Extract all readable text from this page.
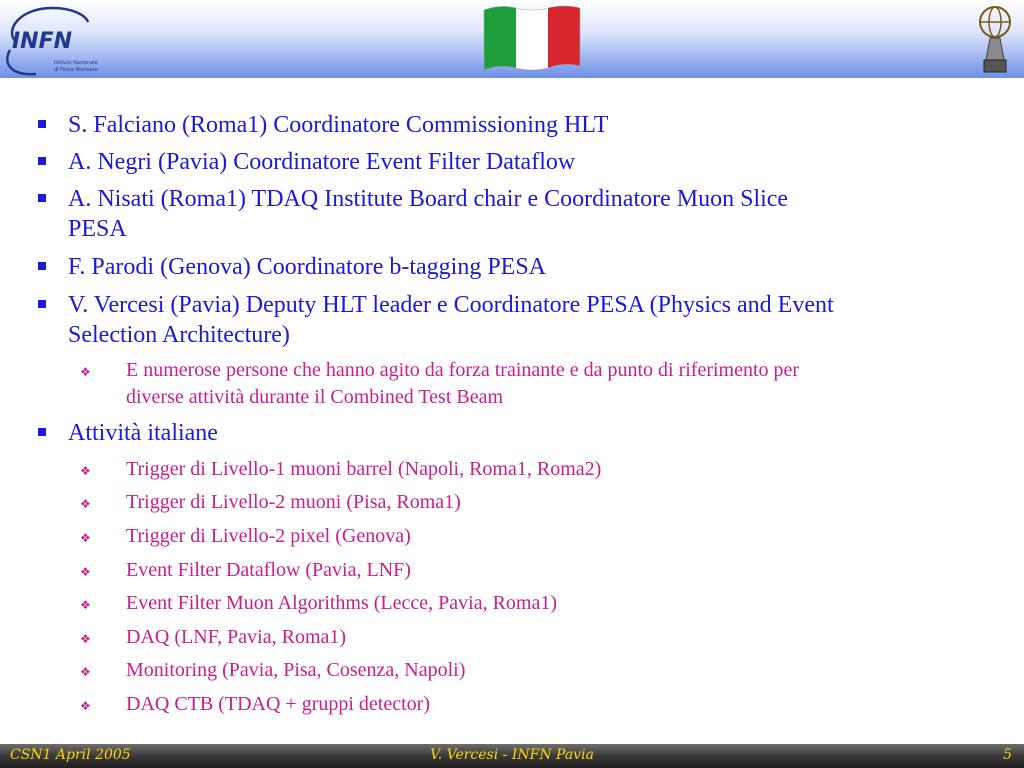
INFN
Istituto Nazionale
di Fisica Nucleare
S. Falciano (Roma1) Coordinatore Commissioning HLT
A. Negri (Pavia) Coordinatore Event Filter Dataflow
A. Nisati (Roma1) TDAQ Institute Board chair e Coordinatore Muon Slice
PESA
F. Parodi (Genova) Coordinatore b-tagging PESA
V. Vercesi (Pavia) Deputy HLT leader e Coordinatore PESA (Physics and Event
Selection Architecture)
❖ E numerose persone che hanno agito da forza trainante e da punto di riferimento per
diverse attività durante il Combined Test Beam
Attività italiane
❖ Trigger di Livello-1 muoni barrel (Napoli, Roma1, Roma2)
❖ Trigger di Livello-2 muoni (Pisa, Roma1)
❖ Trigger di Livello-2 pixel (Genova)
❖ Event Filter Dataflow (Pavia, LNF)
❖ Event Filter Muon Algorithms (Lecce, Pavia, Roma1)
❖ DAQ (LNF, Pavia, Roma1)
❖ Monitoring (Pavia, Pisa, Cosenza, Napoli)
❖ DAQ CTB (TDAQ + gruppi detector)
CSN1 April 2005	V. Vercesi - INFN Pavia	5
